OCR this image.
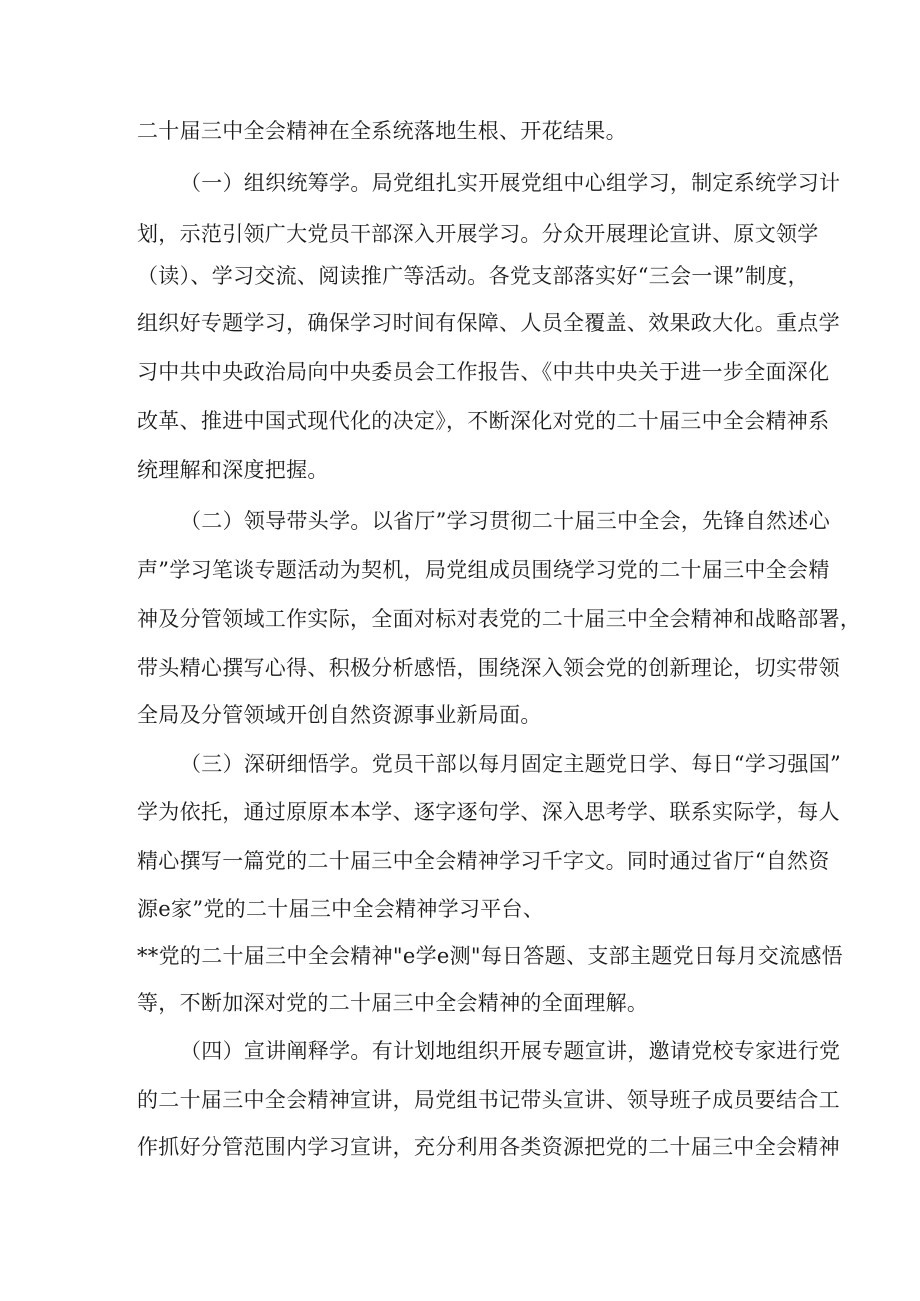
二十届三中全会精神在全系统落地生根、开花结果。
（一）组织统筹学。局党组扎实开展党组中心组学习，制定系统学习计
划，示范引领广大党员干部深入开展学习。分众开展理论宣讲、原文领学
（读）、学习交流、阅读推广等活动。各党支部落实好“三会一课”制度，
组织好专题学习，确保学习时间有保障、人员全覆盖、效果政大化。重点学
习中共中央政治局向中央委员会工作报告、《中共中央关于进一步全面深化
改革、推进中国式现代化的决定》，不断深化对党的二十届三中全会精神系
统理解和深度把握。
（二）领导带头学。以省厅”学习贯彻二十届三中全会，先锋自然述心
声”学习笔谈专题活动为契机，局党组成员围绕学习党的二十届三中全会精
神及分管领域工作实际，全面对标对表党的二十届三中全会精神和战略部署，
带头精心撰写心得、积极分析感悟，围绕深入领会党的创新理论，切实带领
全局及分管领域开创自然资源事业新局面。
（三）深研细悟学。党员干部以每月固定主题党日学、每日“学习强国”
学为依托，通过原原本本学、逐字逐句学、深入思考学、联系实际学，每人
精心撰写一篇党的二十届三中全会精神学习千字文。同时通过省厅“自然资
源e家”党的二十届三中全会精神学习平台、
**党的二十届三中全会精神"e学e测"每日答题、支部主题党日每月交流感悟
等，不断加深对党的二十届三中全会精神的全面理解。
（四）宣讲阐释学。有计划地组织开展专题宣讲，邀请党校专家进行党
的二十届三中全会精神宣讲，局党组书记带头宣讲、领导班子成员要结合工
作抓好分管范围内学习宣讲，充分利用各类资源把党的二十届三中全会精神
